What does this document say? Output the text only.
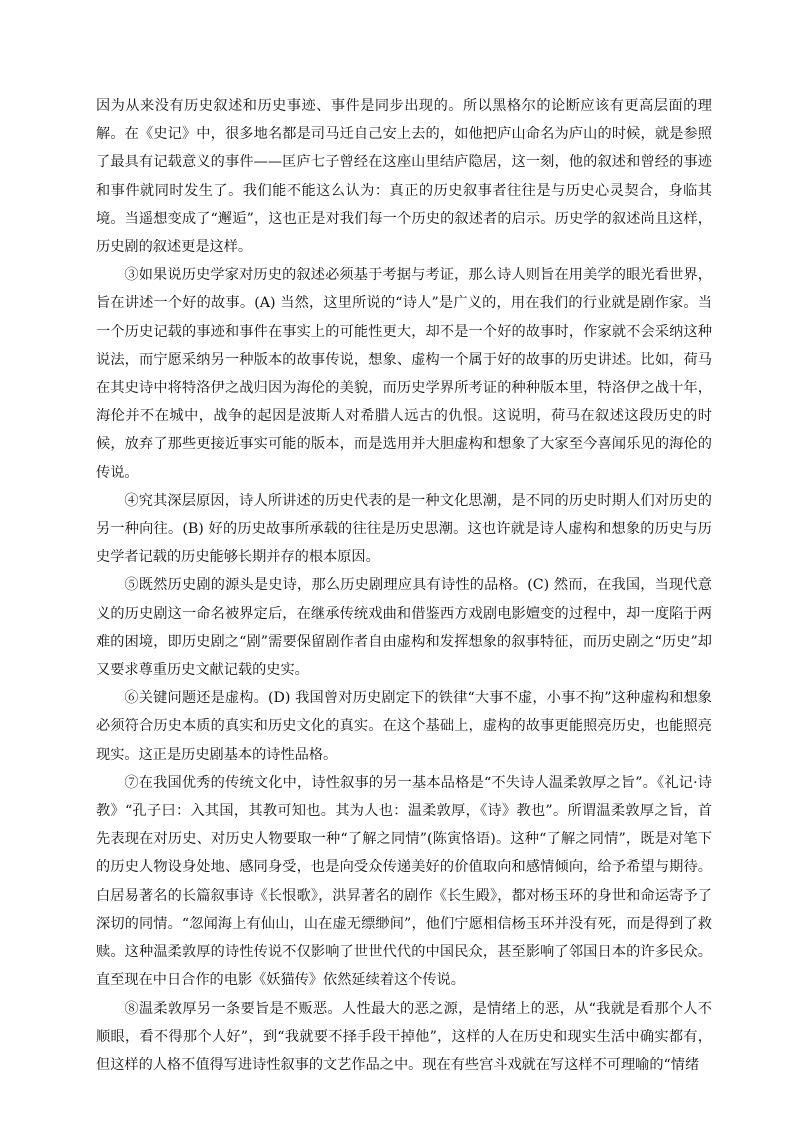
因为从来没有历史叙述和历史事迹、事件是同步出现的。所以黑格尔的论断应该有更高层面的理解。在《史记》中，很多地名都是司马迁自己安上去的，如他把庐山命名为庐山的时候，就是参照了最具有记载意义的事件——匡庐七子曾经在这座山里结庐隐居，这一刻，他的叙述和曾经的事迹和事件就同时发生了。我们能不能这么认为：真正的历史叙事者往往是与历史心灵契合，身临其境。当遥想变成了“邂逅”，这也正是对我们每一个历史的叙述者的启示。历史学的叙述尚且这样，历史剧的叙述更是这样。

③如果说历史学家对历史的叙述必须基于考据与考证，那么诗人则旨在用美学的眼光看世界，旨在讲述一个好的故事。(A) 当然，这里所说的“诗人”是广义的，用在我们的行业就是剧作家。当一个历史记载的事迹和事件在事实上的可能性更大，却不是一个好的故事时，作家就不会采纳这种说法，而宁愿采纳另一种版本的故事传说，想象、虚构一个属于好的故事的历史讲述。比如，荷马在其史诗中将特洛伊之战归因为海伦的美貌，而历史学界所考证的种种版本里，特洛伊之战十年，海伦并不在城中，战争的起因是波斯人对希腊人远古的仇恨。这说明，荷马在叙述这段历史的时候，放弃了那些更接近事实可能的版本，而是选用并大胆虚构和想象了大家至今喜闻乐见的海伦的传说。

④究其深层原因，诗人所讲述的历史代表的是一种文化思潮，是不同的历史时期人们对历史的另一种向往。(B) 好的历史故事所承载的往往是历史思潮。这也许就是诗人虚构和想象的历史与历史学者记载的历史能够长期并存的根本原因。

⑤既然历史剧的源头是史诗，那么历史剧理应具有诗性的品格。(C) 然而，在我国，当现代意义的历史剧这一命名被界定后，在继承传统戏曲和借鉴西方戏剧电影嬗变的过程中，却一度陷于两难的困境，即历史剧之“剧”需要保留剧作者自由虚构和发挥想象的叙事特征，而历史剧之“历史”却又要求尊重历史文献记载的史实。

⑥关键问题还是虚构。(D) 我国曾对历史剧定下的铁律“大事不虚，小事不拘”这种虚构和想象必须符合历史本质的真实和历史文化的真实。在这个基础上，虚构的故事更能照亮历史，也能照亮现实。这正是历史剧基本的诗性品格。

⑦在我国优秀的传统文化中，诗性叙事的另一基本品格是“不失诗人温柔敦厚之旨”。《礼记·诗教》“孔子曰：入其国，其教可知也。其为人也：温柔敦厚，《诗》教也”。所谓温柔敦厚之旨，首先表现在对历史、对历史人物要取一种“了解之同情”(陈寅恪语)。这种“了解之同情”，既是对笔下的历史人物设身处地、感同身受，也是向受众传递美好的价值取向和感情倾向，给予希望与期待。白居易著名的长篇叙事诗《长恨歌》，洪昇著名的剧作《长生殿》，都对杨玉环的身世和命运寄予了深切的同情。“忽闻海上有仙山，山在虚无缥缈间”，他们宁愿相信杨玉环并没有死，而是得到了救赎。这种温柔敦厚的诗性传说不仅影响了世世代代的中国民众，甚至影响了邻国日本的许多民众。直至现在中日合作的电影《妖猫传》依然延续着这个传说。

⑧温柔敦厚另一条要旨是不贩恶。人性最大的恶之源，是情绪上的恶，从“我就是看那个人不顺眼，看不得那个人好”，到“我就要不择手段干掉他”，这样的人在历史和现实生活中确实都有，但这样的人格不值得写进诗性叙事的文艺作品之中。现在有些宫斗戏就在写这样不可理喻的“情绪
